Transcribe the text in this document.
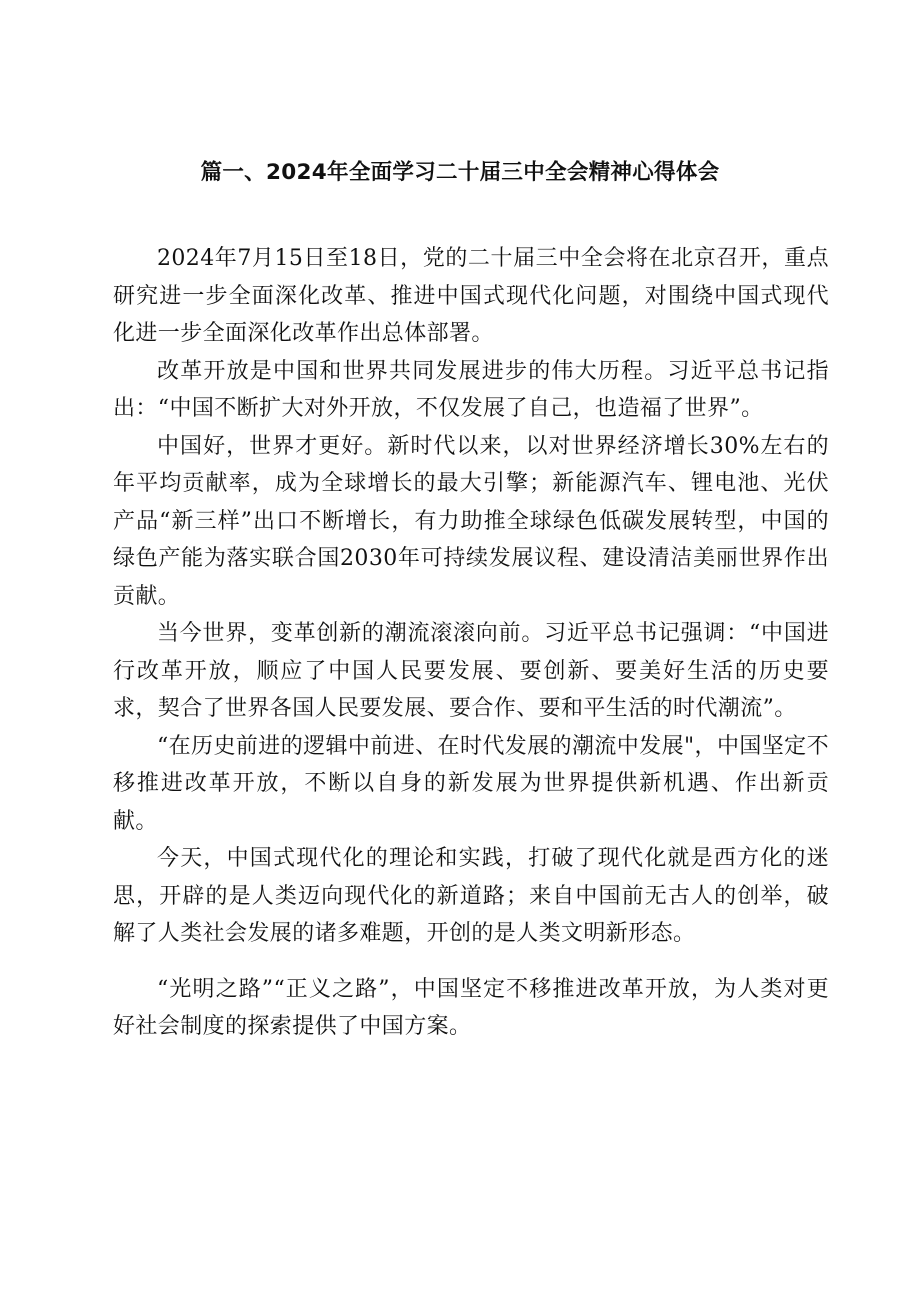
篇一、2024年全面学习二十届三中全会精神心得体会

2024年7月15日至18日，党的二十届三中全会将在北京召开，重点研究进一步全面深化改革、推进中国式现代化问题，对围绕中国式现代化进一步全面深化改革作出总体部署。

改革开放是中国和世界共同发展进步的伟大历程。习近平总书记指出：“中国不断扩大对外开放，不仅发展了自己，也造福了世界”。

中国好，世界才更好。新时代以来，以对世界经济增长30%左右的年平均贡献率，成为全球增长的最大引擎；新能源汽车、锂电池、光伏产品“新三样”出口不断增长，有力助推全球绿色低碳发展转型，中国的绿色产能为落实联合国2030年可持续发展议程、建设清洁美丽世界作出贡献。

当今世界，变革创新的潮流滚滚向前。习近平总书记强调：“中国进行改革开放，顺应了中国人民要发展、要创新、要美好生活的历史要求，契合了世界各国人民要发展、要合作、要和平生活的时代潮流”。

“在历史前进的逻辑中前进、在时代发展的潮流中发展"，中国坚定不移推进改革开放，不断以自身的新发展为世界提供新机遇、作出新贡献。

今天，中国式现代化的理论和实践，打破了现代化就是西方化的迷思，开辟的是人类迈向现代化的新道路；来自中国前无古人的创举，破解了人类社会发展的诸多难题，开创的是人类文明新形态。

“光明之路”“正义之路”，中国坚定不移推进改革开放，为人类对更好社会制度的探索提供了中国方案。
